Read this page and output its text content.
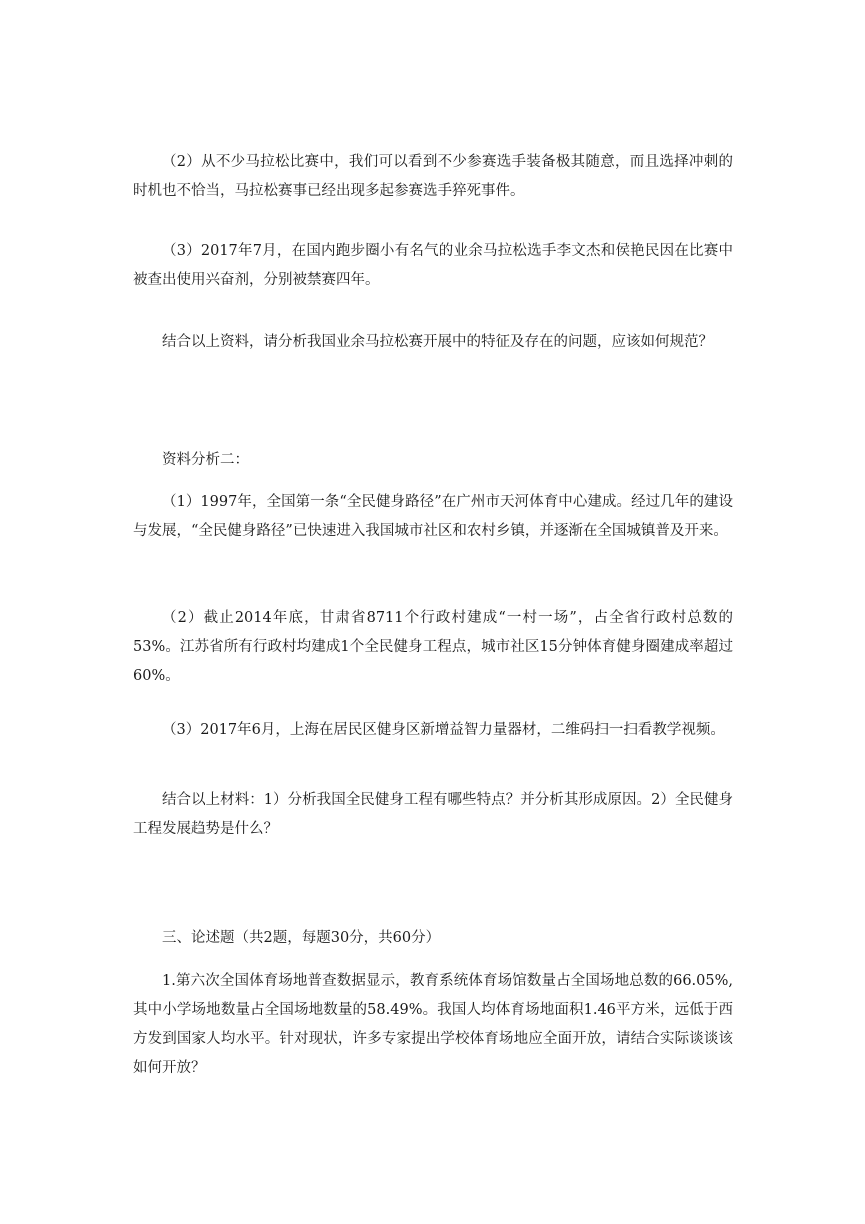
（2）从不少马拉松比赛中，我们可以看到不少参赛选手装备极其随意，而且选择冲刺的时机也不恰当，马拉松赛事已经出现多起参赛选手猝死事件。

（3）2017年7月，在国内跑步圈小有名气的业余马拉松选手李文杰和侯艳民因在比赛中被查出使用兴奋剂，分别被禁赛四年。

结合以上资料，请分析我国业余马拉松赛开展中的特征及存在的问题，应该如何规范？

资料分析二：

（1）1997年，全国第一条“全民健身路径”在广州市天河体育中心建成。经过几年的建设与发展，“全民健身路径”已快速进入我国城市社区和农村乡镇，并逐渐在全国城镇普及开来。

（2）截止2014年底，甘肃省8711个行政村建成“一村一场”，占全省行政村总数的53%。江苏省所有行政村均建成1个全民健身工程点，城市社区15分钟体育健身圈建成率超过60%。

（3）2017年6月，上海在居民区健身区新增益智力量器材，二维码扫一扫看教学视频。

结合以上材料：1）分析我国全民健身工程有哪些特点？并分析其形成原因。2）全民健身工程发展趋势是什么？

三、论述题（共2题，每题30分，共60分）

1.第六次全国体育场地普查数据显示，教育系统体育场馆数量占全国场地总数的66.05%,其中小学场地数量占全国场地数量的58.49%。我国人均体育场地面积1.46平方米，远低于西方发到国家人均水平。针对现状，许多专家提出学校体育场地应全面开放，请结合实际谈谈该如何开放？
